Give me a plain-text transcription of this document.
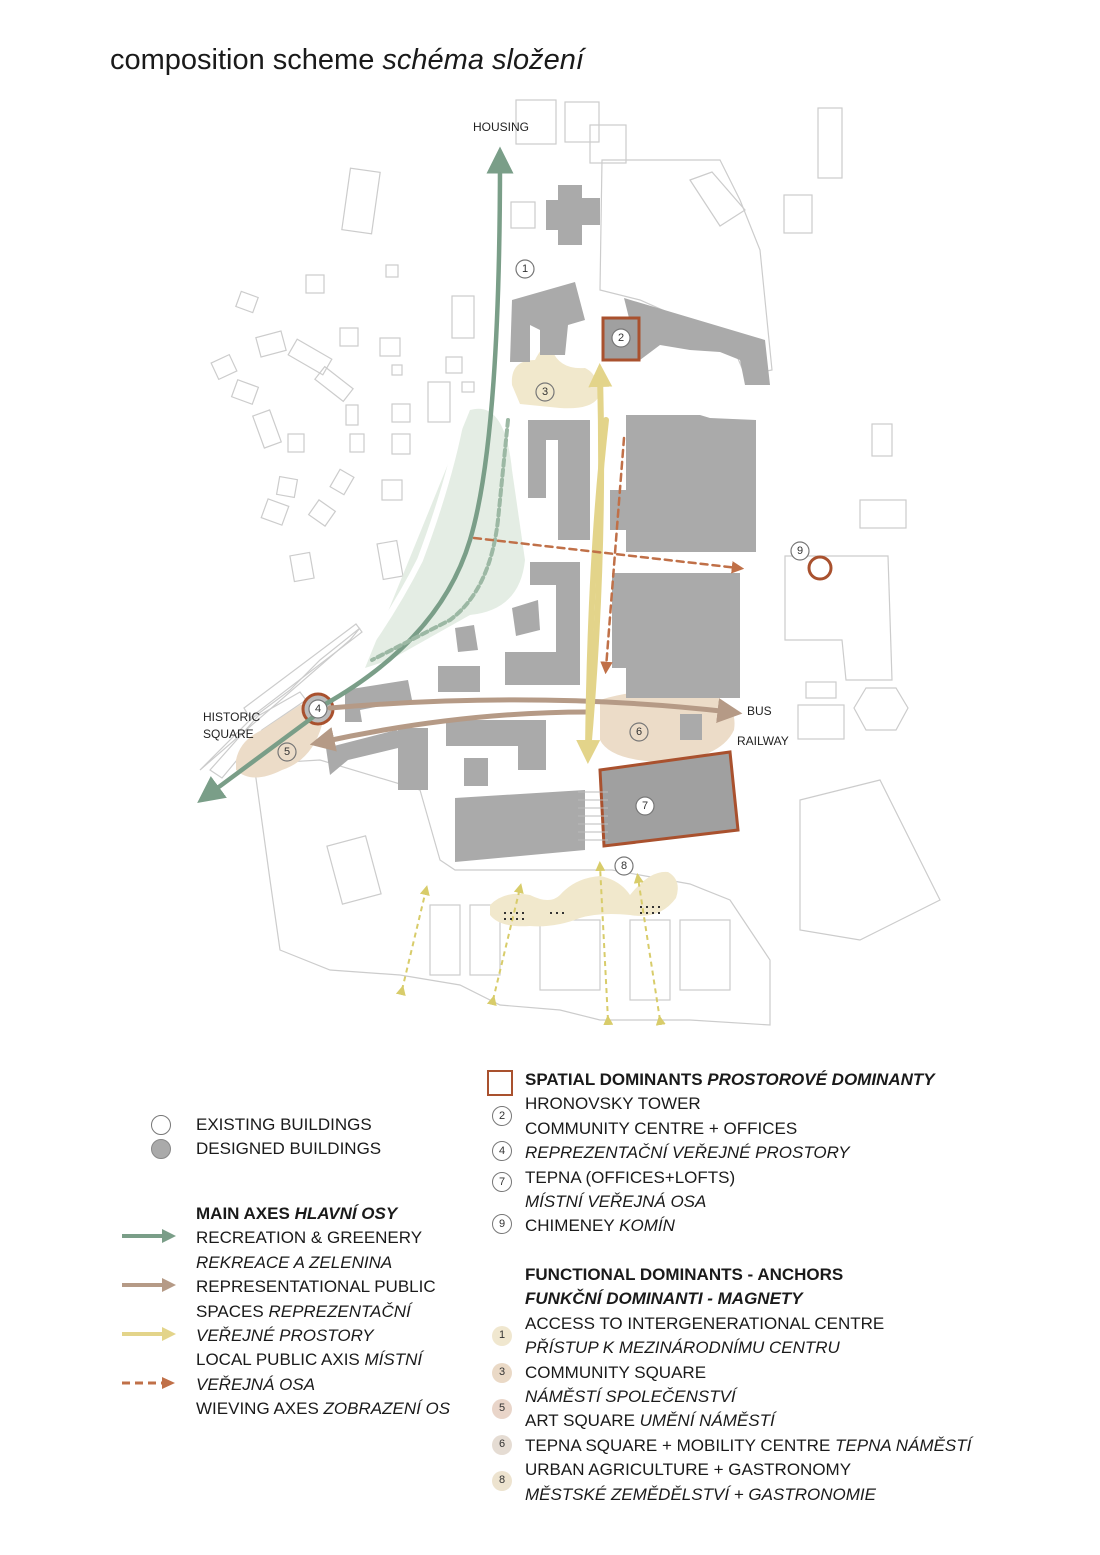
composition scheme schéma složení
HOUSING
HISTORIC
SQUARE
BUS
RAILWAY
1
2
3
4
5
6
7
8
9
EXISTING BUILDINGS
DESIGNED BUILDINGS
MAIN AXES HLAVNÍ OSY
RECREATION & GREENERY
REKREACE A ZELENINA
REPRESENTATIONAL PUBLIC
SPACES REPREZENTAČNÍ
VEŘEJNÉ PROSTORY
LOCAL PUBLIC AXIS MÍSTNÍ
VEŘEJNÁ OSA
WIEVING AXES ZOBRAZENÍ OS
2
4
7
9
SPATIAL DOMINANTS PROSTOROVÉ DOMINANTY
HRONOVSKY TOWER
COMMUNITY CENTRE + OFFICES
REPREZENTAČNÍ VEŘEJNÉ PROSTORY
TEPNA (OFFICES+LOFTS)
MÍSTNÍ VEŘEJNÁ OSA
CHIMENEY KOMÍN
1
3
5
6
8
FUNCTIONAL DOMINANTS - ANCHORS
FUNKČNÍ DOMINANTI - MAGNETY
ACCESS TO INTERGENERATIONAL CENTRE
PŘÍSTUP K MEZINÁRODNÍMU CENTRU
COMMUNITY SQUARE
NÁMĚSTÍ SPOLEČENSTVÍ
ART SQUARE UMĚNÍ NÁMĚSTÍ
TEPNA SQUARE + MOBILITY CENTRE TEPNA NÁMĚSTÍ
URBAN AGRICULTURE + GASTRONOMY
MĚSTSKÉ ZEMĚDĚLSTVÍ + GASTRONOMIE
